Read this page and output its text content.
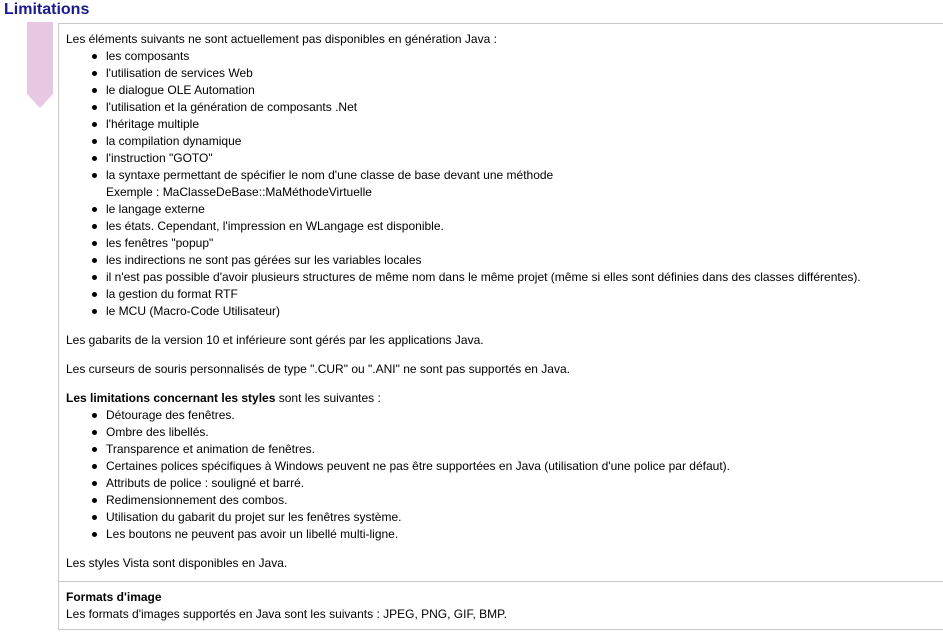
Limitations

Les éléments suivants ne sont actuellement pas disponibles en génération Java :

les composants
l'utilisation de services Web
le dialogue OLE Automation
l'utilisation et la génération de composants .Net
l'héritage multiple
la compilation dynamique
l'instruction "GOTO"
la syntaxe permettant de spécifier le nom d'une classe de base devant une méthode
Exemple : MaClasseDeBase::MaMéthodeVirtuelle
le langage externe
les états. Cependant, l'impression en WLangage est disponible.
les fenêtres "popup"
les indirections ne sont pas gérées sur les variables locales
il n'est pas possible d'avoir plusieurs structures de même nom dans le même projet (même si elles sont définies dans des classes différentes).
la gestion du format RTF
le MCU (Macro-Code Utilisateur)

Les gabarits de la version 10 et inférieure sont gérés par les applications Java.

Les curseurs de souris personnalisés de type ".CUR" ou ".ANI" ne sont pas supportés en Java.

Les limitations concernant les styles sont les suivantes :

Détourage des fenêtres.
Ombre des libellés.
Transparence et animation de fenêtres.
Certaines polices spécifiques à Windows peuvent ne pas être supportées en Java (utilisation d'une police par défaut).
Attributs de police : souligné et barré.
Redimensionnement des combos.
Utilisation du gabarit du projet sur les fenêtres système.
Les boutons ne peuvent pas avoir un libellé multi-ligne.

Les styles Vista sont disponibles en Java.

Formats d'image

Les formats d'images supportés en Java sont les suivants : JPEG, PNG, GIF, BMP.
